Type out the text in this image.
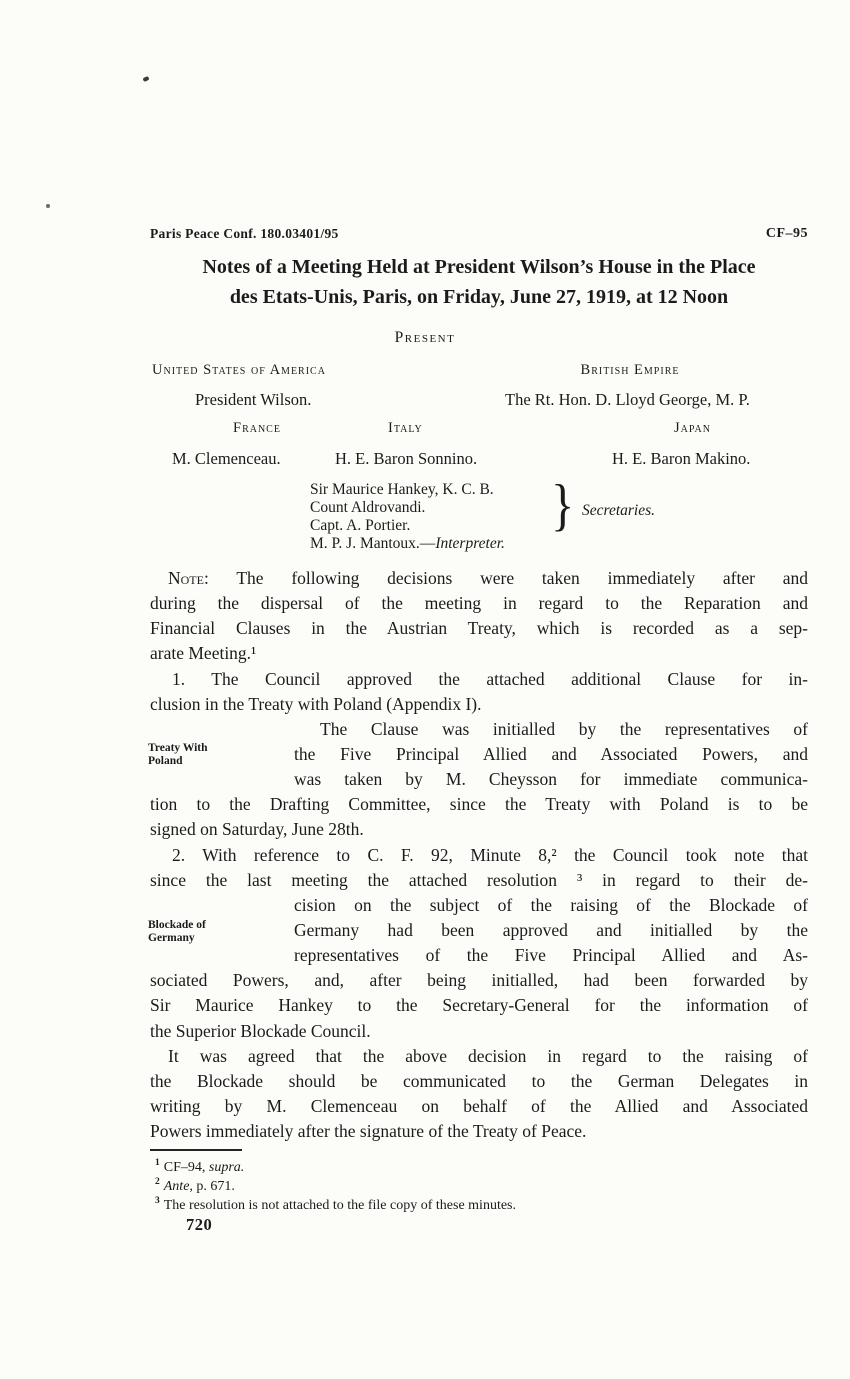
Paris Peace Conf. 180.03401/95	CF–95
Notes of a Meeting Held at President Wilson’s House in the Place
des Etats-Unis, Paris, on Friday, June 27, 1919, at 12 Noon
Present
United States of America	British Empire
President Wilson.	The Rt. Hon. D. Lloyd George, M. P.
France	Italy	Japan
M. Clemenceau.	H. E. Baron Sonnino.	H. E. Baron Makino.
Sir Maurice Hankey, K. C. B.
Count Aldrovandi.
Capt. A. Portier.
M. P. J. Mantoux.—Interpreter.
} Secretaries.
Note: The following decisions were taken immediately after and
during the dispersal of the meeting in regard to the Reparation and
Financial Clauses in the Austrian Treaty, which is recorded as a sep-
arate Meeting.¹
1. The Council approved the attached additional Clause for in-
clusion in the Treaty with Poland (Appendix I).
The Clause was initialled by the representatives of
the Five Principal Allied and Associated Powers, and
was taken by M. Cheysson for immediate communica-
tion to the Drafting Committee, since the Treaty with Poland is to be
signed on Saturday, June 28th.
2. With reference to C. F. 92, Minute 8,² the Council took note that
since the last meeting the attached resolution ³ in regard to their de-
cision on the subject of the raising of the Blockade of
Germany had been approved and initialled by the
representatives of the Five Principal Allied and As-
sociated Powers, and, after being initialled, had been forwarded by
Sir Maurice Hankey to the Secretary-General for the information of
the Superior Blockade Council.
It was agreed that the above decision in regard to the raising of
the Blockade should be communicated to the German Delegates in
writing by M. Clemenceau on behalf of the Allied and Associated
Powers immediately after the signature of the Treaty of Peace.
Treaty With
Poland
Blockade of
Germany
$^1$ CF–94, supra.
$^2$ Ante, p. 671.
$^3$ The resolution is not attached to the file copy of these minutes.
720
